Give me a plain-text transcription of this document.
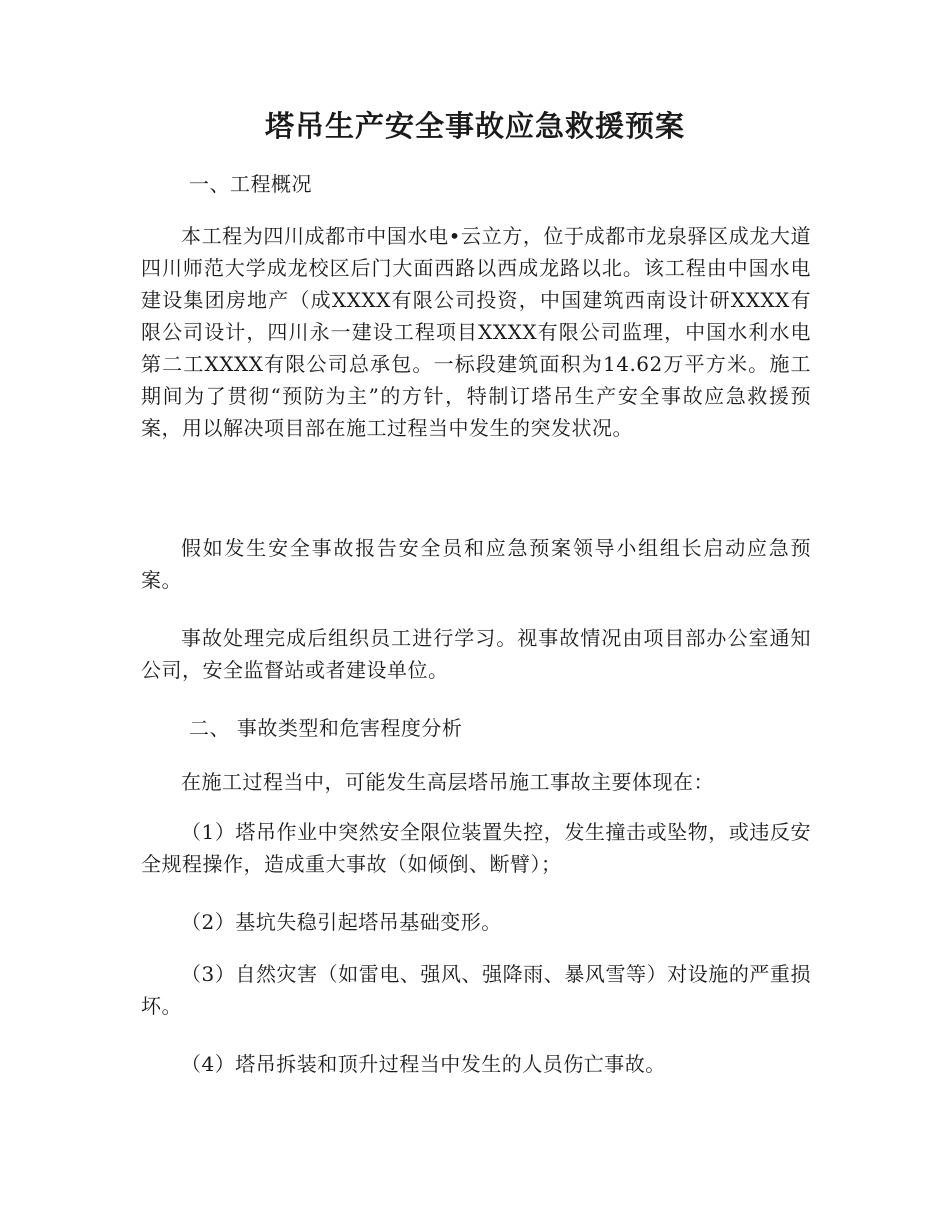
塔吊生产安全事故应急救援预案

一、工程概况

本工程为四川成都市中国水电•云立方，位于成都市龙泉驿区成龙大道四川师范大学成龙校区后门大面西路以西成龙路以北。该工程由中国水电建设集团房地产（成XXXX有限公司投资，中国建筑西南设计研XXXX有限公司设计，四川永一建设工程项目XXXX有限公司监理，中国水利水电第二工XXXX有限公司总承包。一标段建筑面积为14.62万平方米。施工期间为了贯彻“预防为主”的方针，特制订塔吊生产安全事故应急救援预案，用以解决项目部在施工过程当中发生的突发状况。

假如发生安全事故报告安全员和应急预案领导小组组长启动应急预案。

事故处理完成后组织员工进行学习。视事故情况由项目部办公室通知公司，安全监督站或者建设单位。

二、 事故类型和危害程度分析

在施工过程当中，可能发生高层塔吊施工事故主要体现在：

（1）塔吊作业中突然安全限位装置失控，发生撞击或坠物，或违反安全规程操作，造成重大事故（如倾倒、断臂）；

（2）基坑失稳引起塔吊基础变形。

（3）自然灾害（如雷电、强风、强降雨、暴风雪等）对设施的严重损坏。

（4）塔吊拆装和顶升过程当中发生的人员伤亡事故。
